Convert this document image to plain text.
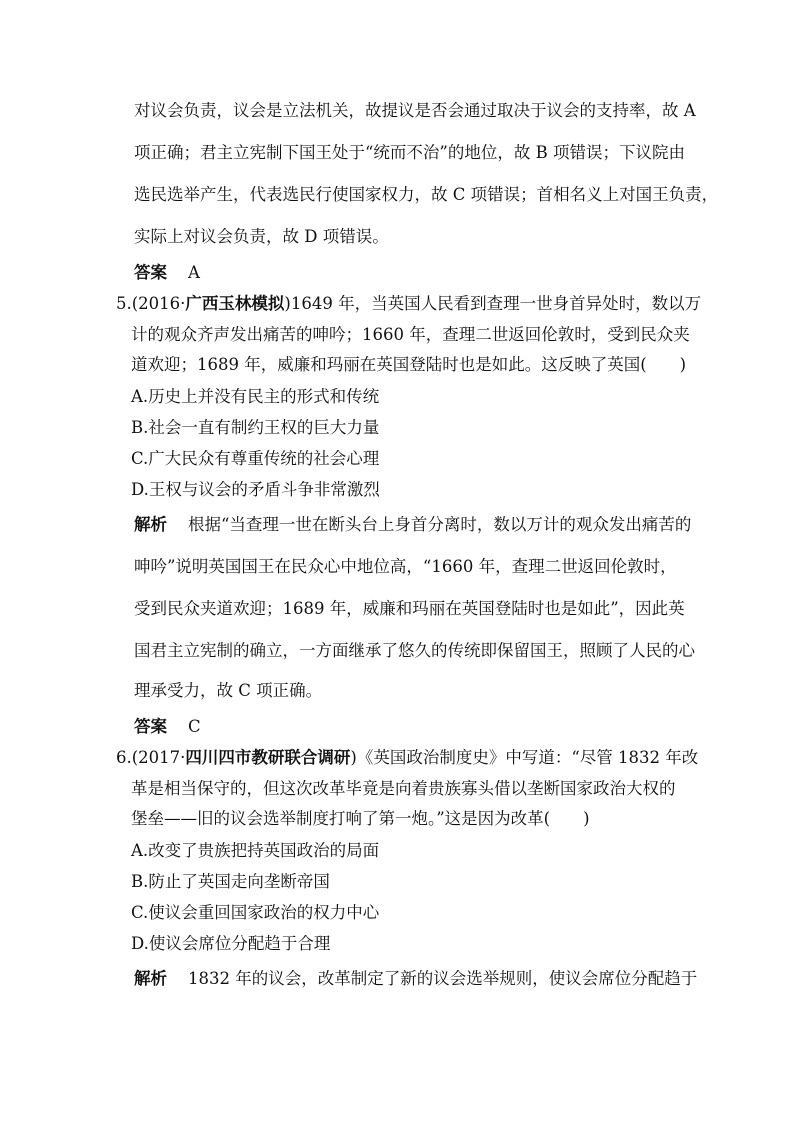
对议会负责，议会是立法机关，故提议是否会通过取决于议会的支持率，故 A
项正确；君主立宪制下国王处于“统而不治”的地位，故 B 项错误；下议院由
选民选举产生，代表选民行使国家权力，故 C 项错误；首相名义上对国王负责，
实际上对议会负责，故 D 项错误。
答案 A
5.(2016·广西玉林模拟)1649 年，当英国人民看到查理一世身首异处时，数以万
计的观众齐声发出痛苦的呻吟；1660 年，查理二世返回伦敦时，受到民众夹
道欢迎；1689 年，威廉和玛丽在英国登陆时也是如此。这反映了英国(　　)
A.历史上并没有民主的形式和传统
B.社会一直有制约王权的巨大力量
C.广大民众有尊重传统的社会心理
D.王权与议会的矛盾斗争非常激烈
解析 根据“当查理一世在断头台上身首分离时，数以万计的观众发出痛苦的
呻吟”说明英国国王在民众心中地位高，“1660 年，查理二世返回伦敦时，
受到民众夹道欢迎；1689 年，威廉和玛丽在英国登陆时也是如此”，因此英
国君主立宪制的确立，一方面继承了悠久的传统即保留国王，照顾了人民的心
理承受力，故 C 项正确。
答案 C
6.(2017·四川四市教研联合调研)《英国政治制度史》中写道：“尽管 1832 年改
革是相当保守的，但这次改革毕竟是向着贵族寡头借以垄断国家政治大权的
堡垒——旧的议会选举制度打响了第一炮。”这是因为改革(　　)
A.改变了贵族把持英国政治的局面
B.防止了英国走向垄断帝国
C.使议会重回国家政治的权力中心
D.使议会席位分配趋于合理
解析 1832 年的议会，改革制定了新的议会选举规则，使议会席位分配趋于
